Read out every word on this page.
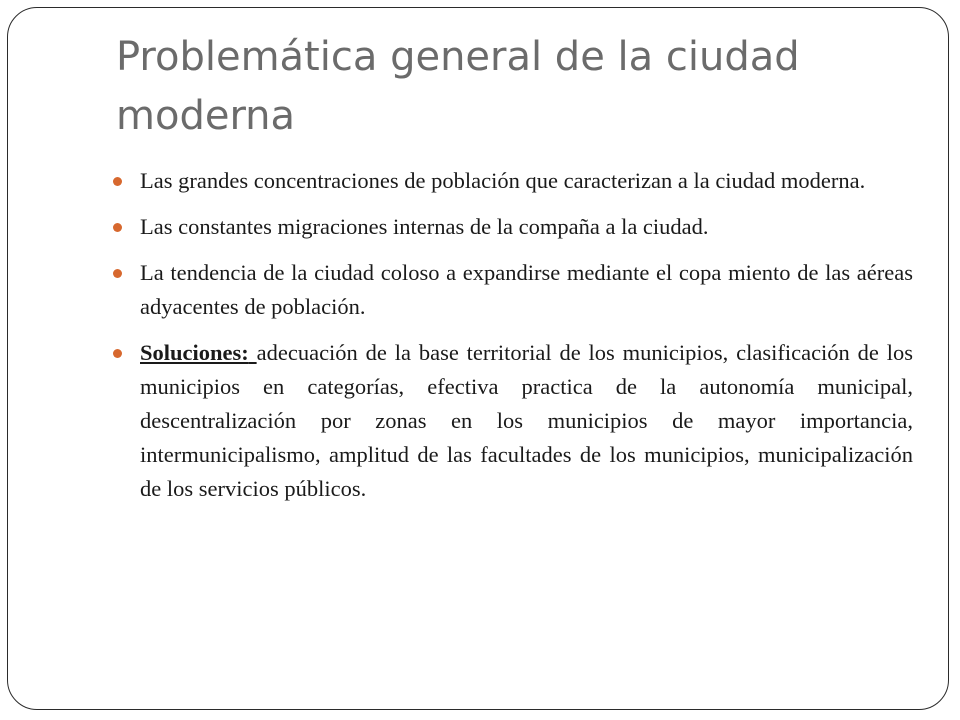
Problemática general de la ciudad moderna
Las grandes concentraciones de población que caracterizan a la ciudad moderna.
Las constantes migraciones internas de la compaña a la ciudad.
La tendencia de la ciudad coloso a expandirse mediante el copa miento de las aéreas adyacentes de población.
Soluciones: adecuación de la base territorial de los municipios, clasificación de los municipios en categorías, efectiva practica de la autonomía municipal, descentralización por zonas en los municipios de mayor importancia, intermunicipalismo, amplitud de las facultades de los municipios, municipalización de los servicios públicos.
